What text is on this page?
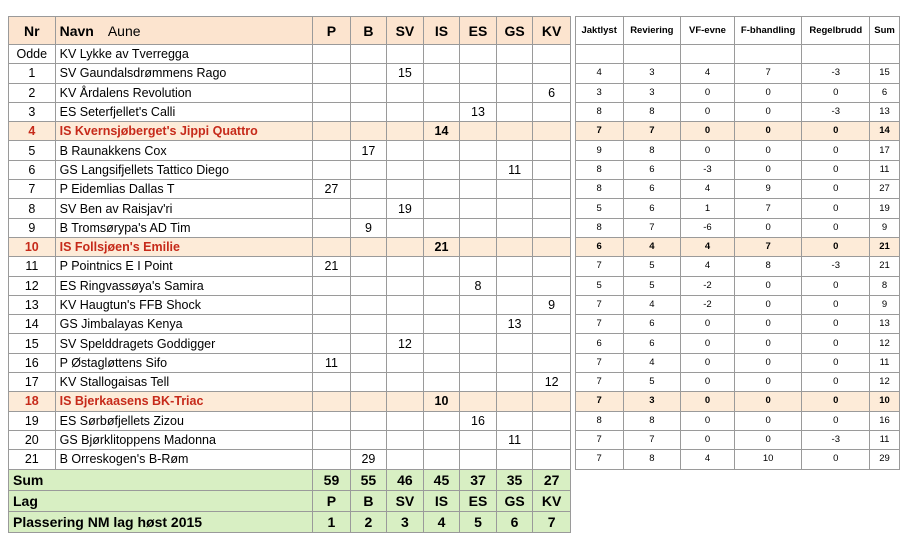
Nr	Navn Aune	P	B	SV	IS	ES	GS	KV		Jaktlyst	Reviering	VF-evne	F-bhandling	Regelbrudd	Sum
Odde	KV Lykke av Tverregga														
1	SV Gaundalsdrømmens Rago			15						4	3	4	7	-3	15
2	KV Årdalens Revolution							6		3	3	0	0	0	6
3	ES Seterfjellet's Calli					13				8	8	0	0	-3	13
4	IS Kvernsjøberget's Jippi Quattro				14					7	7	0	0	0	14
5	B Raunakkens Cox		17							9	8	0	0	0	17
6	GS Langsifjellets Tattico Diego						11			8	6	-3	0	0	11
7	P Eidemlias Dallas T	27								8	6	4	9	0	27
8	SV Ben av Raisjav'ri			19						5	6	1	7	0	19
9	B Tromsørypa's AD Tim		9							8	7	-6	0	0	9
10	IS Follsjøen's Emilie				21					6	4	4	7	0	21
11	P Pointnics E I Point	21								7	5	4	8	-3	21
12	ES Ringvassøya's Samira					8				5	5	-2	0	0	8
13	KV Haugtun's FFB Shock							9		7	4	-2	0	0	9
14	GS Jimbalayas Kenya						13			7	6	0	0	0	13
15	SV Spelddragets Goddigger			12						6	6	0	0	0	12
16	P Østagløttens Sifo	11								7	4	0	0	0	11
17	KV Stallogaisas Tell							12		7	5	0	0	0	12
18	IS Bjerkaasens BK-Triac				10					7	3	0	0	0	10
19	ES Sørbøfjellets Zizou					16				8	8	0	0	0	16
20	GS Bjørklitoppens Madonna						11			7	7	0	0	-3	11
21	B Orreskogen's B-Røm		29							7	8	4	10	0	29
Sum		59	55	46	45	37	35	27							
Lag		P	B	SV	IS	ES	GS	KV							
Plassering NM lag høst 2015		1	2	3	4	5	6	7							
